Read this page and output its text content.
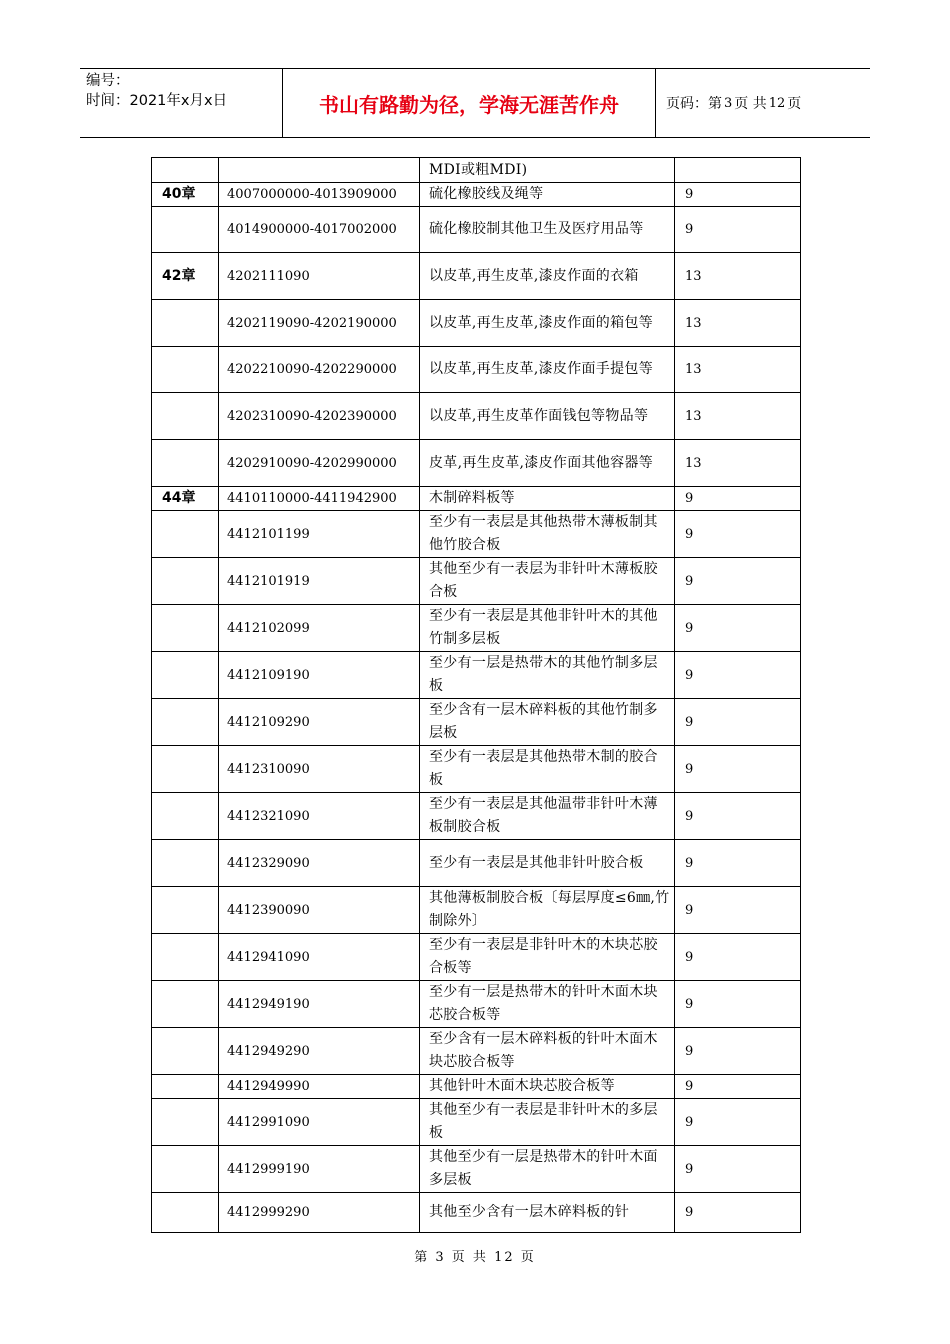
编号：
时间：2021年x月x日	书山有路勤为径，学海无涯苦作舟	页码：第 3 页 共 12 页
		MDI或粗MDI)	
40章	4007000000-4013909000	硫化橡胶线及绳等	9
	4014900000-4017002000	硫化橡胶制其他卫生及医疗用品等	9
42章	4202111090	以皮革,再生皮革,漆皮作面的衣箱	13
	4202119090-4202190000	以皮革,再生皮革,漆皮作面的箱包等	13
	4202210090-4202290000	以皮革,再生皮革,漆皮作面手提包等	13
	4202310090-4202390000	以皮革,再生皮革作面钱包等物品等	13
	4202910090-4202990000	皮革,再生皮革,漆皮作面其他容器等	13
44章	4410110000-4411942900	木制碎料板等	9
	4412101199	至少有一表层是其他热带木薄板制其他竹胶合板	9
	4412101919	其他至少有一表层为非针叶木薄板胶合板	9
	4412102099	至少有一表层是其他非针叶木的其他竹制多层板	9
	4412109190	至少有一层是热带木的其他竹制多层板	9
	4412109290	至少含有一层木碎料板的其他竹制多层板	9
	4412310090	至少有一表层是其他热带木制的胶合板	9
	4412321090	至少有一表层是其他温带非针叶木薄板制胶合板	9
	4412329090	至少有一表层是其他非针叶胶合板	9
	4412390090	其他薄板制胶合板〔每层厚度≤6㎜,竹制除外〕	9
	4412941090	至少有一表层是非针叶木的木块芯胶合板等	9
	4412949190	至少有一层是热带木的针叶木面木块芯胶合板等	9
	4412949290	至少含有一层木碎料板的针叶木面木块芯胶合板等	9
	4412949990	其他针叶木面木块芯胶合板等	9
	4412991090	其他至少有一表层是非针叶木的多层板	9
	4412999190	其他至少有一层是热带木的针叶木面多层板	9
	4412999290	其他至少含有一层木碎料板的针	9
第 3 页 共 12 页
